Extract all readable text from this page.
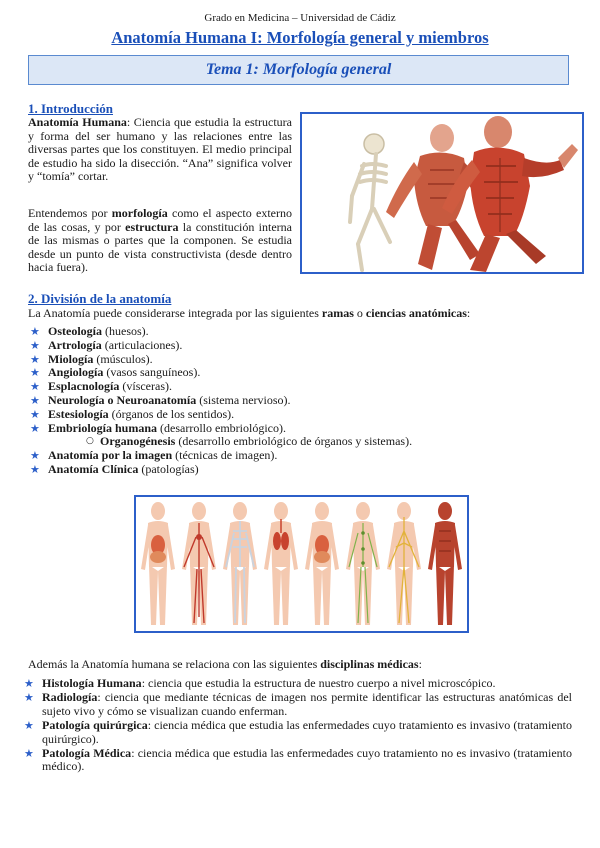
Grado en Medicina – Universidad de Cádiz
Anatomía Humana I: Morfología general y miembros
Tema 1: Morfología general
1. Introducción
Anatomía Humana: Ciencia que estudia la estructura y forma del ser humano y las relaciones entre las diversas partes que los constituyen. El medio principal de estudio ha sido la disección. “Ana” significa volver y “tomía” cortar.
Entendemos por morfología como el aspecto externo de las cosas, y por estructura la constitución interna de las mismas o partes que la componen. Se estudia desde un punto de vista constructivista (desde dentro hacia fuera).
2. División de la anatomía
La Anatomía puede considerarse integrada por las siguientes ramas o ciencias anatómicas:
★ Osteología (huesos).
★ Artrología (articulaciones).
★ Miología (músculos).
★ Angiología (vasos sanguíneos).
★ Esplacnología (vísceras).
★ Neurología o Neuroanatomía (sistema nervioso).
★ Estesiología (órganos de los sentidos).
★ Embriología humana (desarrollo embriológico).
○ Organogénesis (desarrollo embriológico de órganos y sistemas).
★ Anatomía por la imagen (técnicas de imagen).
★ Anatomía Clínica (patologías)
Además la Anatomía humana se relaciona con las siguientes disciplinas médicas:
★ Histología Humana: ciencia que estudia la estructura de nuestro cuerpo a nivel microscópico.
★ Radiología: ciencia que mediante técnicas de imagen nos permite identificar las estructuras anatómicas del sujeto vivo y cómo se visualizan cuando enferman.
★ Patología quirúrgica: ciencia médica que estudia las enfermedades cuyo tratamiento es invasivo (tratamiento quirúrgico).
★ Patología Médica: ciencia médica que estudia las enfermedades cuyo tratamiento no es invasivo (tratamiento médico).
